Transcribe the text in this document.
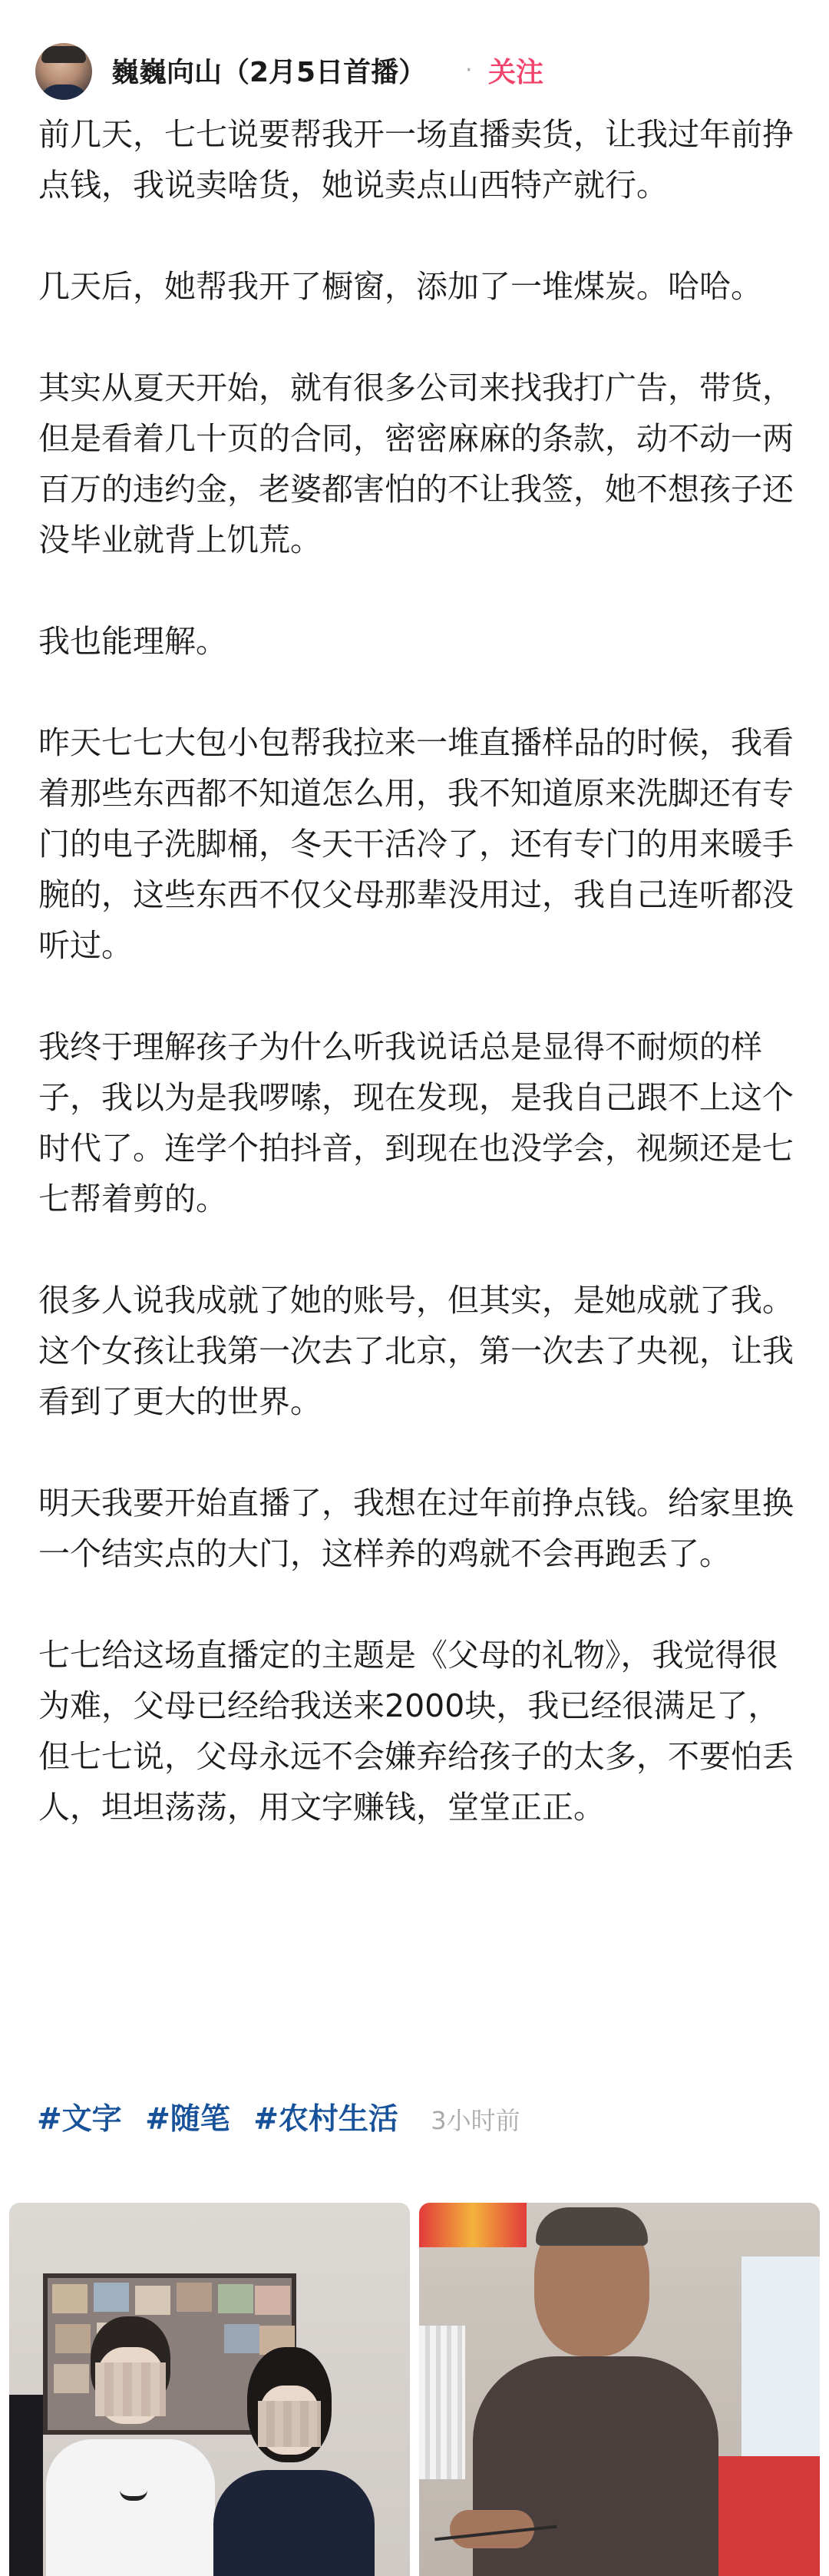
巍巍向山（2月5日首播） · 关注

前几天，七七说要帮我开一场直播卖货，让我过年前挣点钱，我说卖啥货，她说卖点山西特产就行。

几天后，她帮我开了橱窗，添加了一堆煤炭。哈哈。

其实从夏天开始，就有很多公司来找我打广告，带货，但是看着几十页的合同，密密麻麻的条款，动不动一两百万的违约金，老婆都害怕的不让我签，她不想孩子还没毕业就背上饥荒。

我也能理解。

昨天七七大包小包帮我拉来一堆直播样品的时候，我看着那些东西都不知道怎么用，我不知道原来洗脚还有专门的电子洗脚桶，冬天干活冷了，还有专门的用来暖手腕的，这些东西不仅父母那辈没用过，我自己连听都没听过。

我终于理解孩子为什么听我说话总是显得不耐烦的样子，我以为是我啰嗦，现在发现，是我自己跟不上这个时代了。连学个拍抖音，到现在也没学会，视频还是七七帮着剪的。

很多人说我成就了她的账号，但其实，是她成就了我。这个女孩让我第一次去了北京，第一次去了央视，让我看到了更大的世界。

明天我要开始直播了，我想在过年前挣点钱。给家里换一个结实点的大门，这样养的鸡就不会再跑丢了。

七七给这场直播定的主题是《父母的礼物》，我觉得很为难，父母已经给我送来2000块，我已经很满足了，但七七说，父母永远不会嫌弃给孩子的太多，不要怕丢人，坦坦荡荡，用文字赚钱，堂堂正正。

#文字 #随笔 #农村生活 3小时前
